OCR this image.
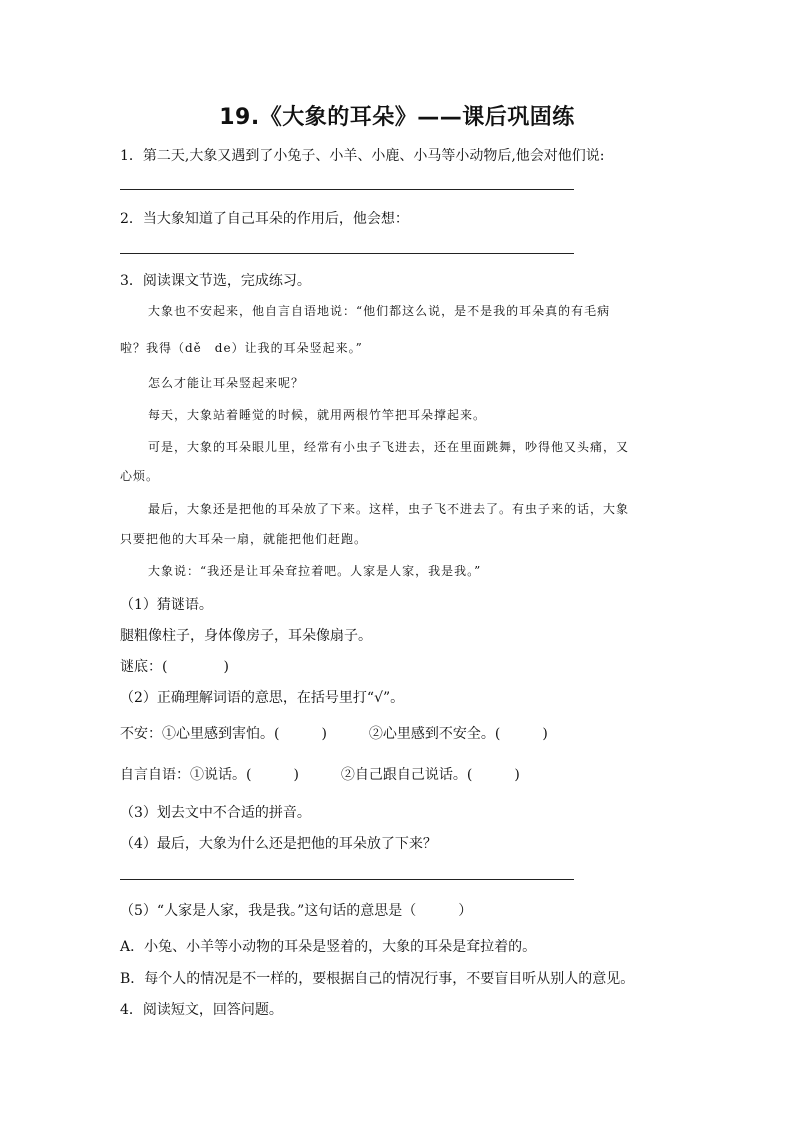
19.《大象的耳朵》——课后巩固练
1．第二天,大象又遇到了小兔子、小羊、小鹿、小马等小动物后,他会对他们说:
2．当大象知道了自己耳朵的作用后，他会想：
3．阅读课文节选，完成练习。
大象也不安起来，他自言自语地说：“他们都这么说，是不是我的耳朵真的有毛病
啦？我得（dě　de）让我的耳朵竖起来。”
怎么才能让耳朵竖起来呢？
每天，大象站着睡觉的时候，就用两根竹竿把耳朵撑起来。
可是，大象的耳朵眼儿里，经常有小虫子飞进去，还在里面跳舞，吵得他又头痛，又
心烦。
最后，大象还是把他的耳朵放了下来。这样，虫子飞不进去了。有虫子来的话，大象
只要把他的大耳朵一扇，就能把他们赶跑。
大象说：“我还是让耳朵耷拉着吧。人家是人家，我是我。”
（1）猜谜语。
腿粗像柱子，身体像房子，耳朵像扇子。
谜底：(　　　　)
（2）正确理解词语的意思，在括号里打“√”。
不安：①心里感到害怕。(　　　)　　　②心里感到不安全。(　　　)
自言自语：①说话。(　　　)　　　②自己跟自己说话。(　　　)
（3）划去文中不合适的拼音。
（4）最后，大象为什么还是把他的耳朵放了下来？
（5）“人家是人家，我是我。”这句话的意思是（　　　）
A．小兔、小羊等小动物的耳朵是竖着的，大象的耳朵是耷拉着的。
B．每个人的情况是不一样的，要根据自己的情况行事，不要盲目听从别人的意见。
4．阅读短文，回答问题。
